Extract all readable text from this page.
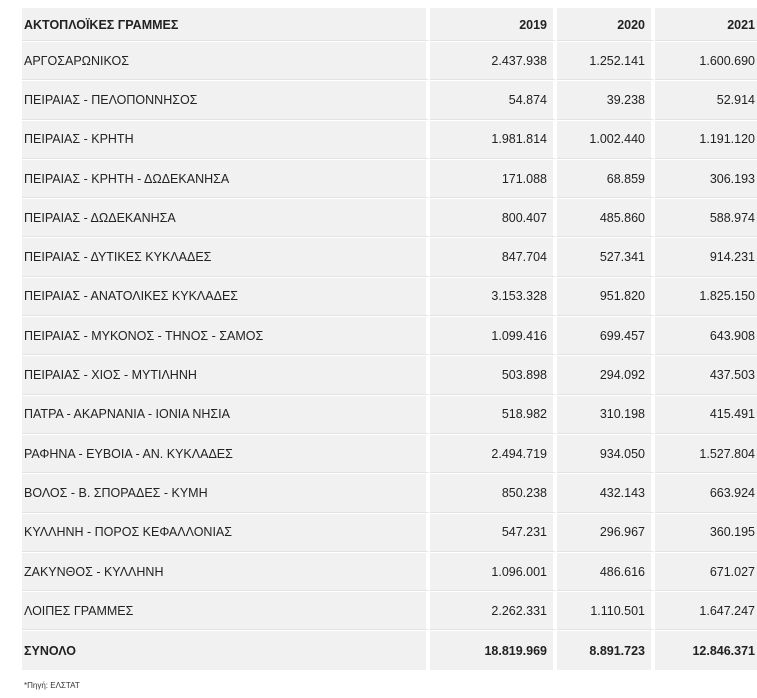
ΑΚΤΟΠΛΟΪΚΕΣ ΓΡΑΜΜΕΣ	2019	2020	2021
ΑΡΓΟΣΑΡΩΝΙΚΟΣ	2.437.938	1.252.141	1.600.690
ΠΕΙΡΑΙΑΣ - ΠΕΛΟΠΟΝΝΗΣΟΣ	54.874	39.238	52.914
ΠΕΙΡΑΙΑΣ - ΚΡΗΤΗ	1.981.814	1.002.440	1.191.120
ΠΕΙΡΑΙΑΣ - ΚΡΗΤΗ - ΔΩΔΕΚΑΝΗΣΑ	171.088	68.859	306.193
ΠΕΙΡΑΙΑΣ - ΔΩΔΕΚΑΝΗΣΑ	800.407	485.860	588.974
ΠΕΙΡΑΙΑΣ - ΔΥΤΙΚΕΣ ΚΥΚΛΑΔΕΣ	847.704	527.341	914.231
ΠΕΙΡΑΙΑΣ - ΑΝΑΤΟΛΙΚΕΣ ΚΥΚΛΑΔΕΣ	3.153.328	951.820	1.825.150
ΠΕΙΡΑΙΑΣ - ΜΥΚΟΝΟΣ - ΤΗΝΟΣ - ΣΑΜΟΣ	1.099.416	699.457	643.908
ΠΕΙΡΑΙΑΣ - ΧΙΟΣ - ΜΥΤΙΛΗΝΗ	503.898	294.092	437.503
ΠΑΤΡΑ - ΑΚΑΡΝΑΝΙΑ - ΙΟΝΙΑ ΝΗΣΙΑ	518.982	310.198	415.491
ΡΑΦΗΝΑ - ΕΥΒΟΙΑ - ΑΝ. ΚΥΚΛΑΔΕΣ	2.494.719	934.050	1.527.804
ΒΟΛΟΣ - Β. ΣΠΟΡΑΔΕΣ - ΚΥΜΗ	850.238	432.143	663.924
ΚΥΛΛΗΝΗ - ΠΟΡΟΣ ΚΕΦΑΛΛΟΝΙΑΣ	547.231	296.967	360.195
ΖΑΚΥΝΘΟΣ - ΚΥΛΛΗΝΗ	1.096.001	486.616	671.027
ΛΟΙΠΕΣ ΓΡΑΜΜΕΣ	2.262.331	1.110.501	1.647.247
ΣΥΝΟΛΟ	18.819.969	8.891.723	12.846.371
*Πηγή: ΕΛΣΤΑΤ
